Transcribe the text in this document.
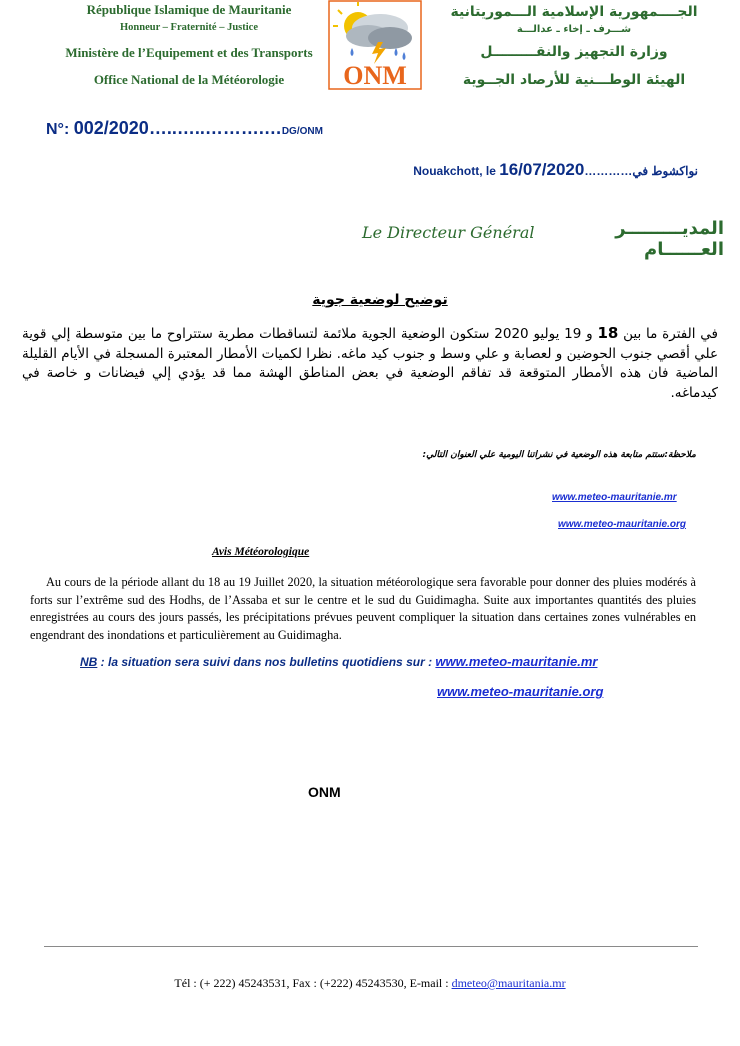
République Islamique de Mauritanie
Honneur – Fraternité – Justice
Ministère de l’Equipement et des Transports
Office National de la Météorologie	ONM
الجــــمهورية الإسلامية الـــموريتانية
شـــرف ـ إخاء ـ عدالـــة
وزارة التجهيز والنقـــــــــل
الهيئة الوطـــنية للأرصاد الجــوية
N°: 002/2020…..…..……….…DG/ONM
Nouakchott, le 16/07/2020…………نواكشوط في
Le Directeur Général	المديـــــــــر العــــــام
توضيح لوضعية جوية
في الفترة ما بين 18 و 19 يوليو 2020 ستكون الوضعية الجوية ملائمة لتساقطات مطرية ستتراوح ما بين متوسطة إلي قوية علي أقصي جنوب الحوضين و لعصابة و علي وسط و جنوب كيد ماغه. نظرا لكميات الأمطار المعتبرة المسجلة في الأيام القليلة الماضية فان هذه الأمطار المتوقعة قد تفاقم الوضعية في بعض المناطق الهشة مما قد يؤدي إلي فيضانات و خاصة في كيدماغه.
ملاحظة:ستتم متابعة هذه الوضعية في نشراتنا اليومية علي العنوان التالي:
www.meteo-mauritanie.mr
www.meteo-mauritanie.org
Avis Météorologique
Au cours de la période allant du 18 au 19 Juillet 2020, la situation météorologique sera favorable pour donner des pluies modérés à forts sur l’extrême sud des Hodhs, de l’Assaba et sur le centre et le sud du Guidimagha. Suite aux importantes quantités des pluies enregistrées au cours des jours passés, les précipitations prévues peuvent compliquer la situation dans certaines zones vulnérables en engendrant des inondations et particulièrement au Guidimagha.
NB : la situation sera suivi dans nos bulletins quotidiens sur : www.meteo-mauritanie.mr
www.meteo-mauritanie.org
ONM
Tél : (+ 222) 45243531, Fax : (+222) 45243530, E-mail : dmeteo@mauritania.mr
